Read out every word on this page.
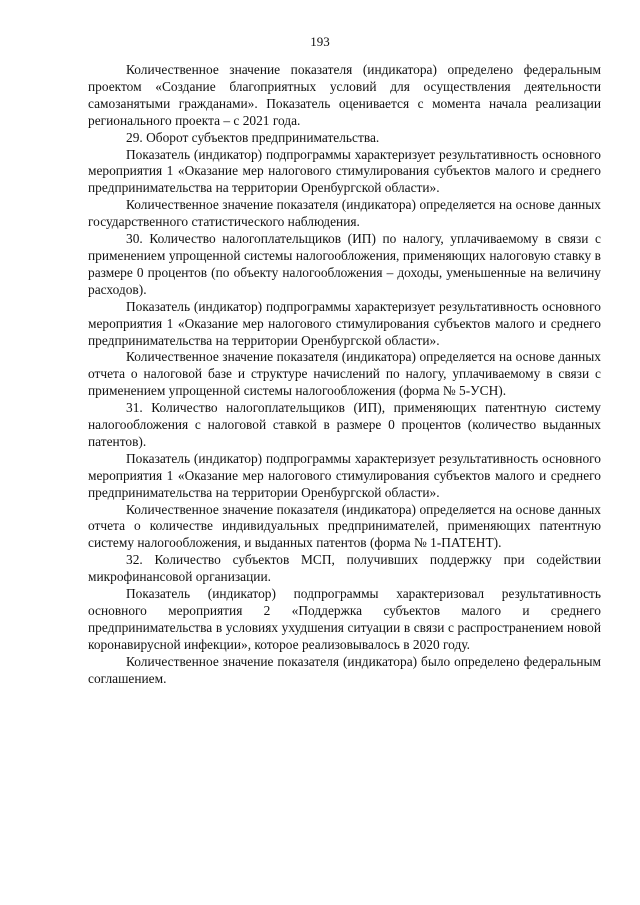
193

Количественное значение показателя (индикатора) определено федеральным проектом «Создание благоприятных условий для осуществления деятельности самозанятыми гражданами». Показатель оценивается с момента начала реализации регионального проекта – с 2021 года.

29. Оборот субъектов предпринимательства.

Показатель (индикатор) подпрограммы характеризует результативность основного мероприятия 1 «Оказание мер налогового стимулирования субъектов малого и среднего предпринимательства на территории Оренбургской области».

Количественное значение показателя (индикатора) определяется на основе данных государственного статистического наблюдения.

30. Количество налогоплательщиков (ИП) по налогу, уплачиваемому в связи с применением упрощенной системы налогообложения, применяющих налоговую ставку в размере 0 процентов (по объекту налогообложения – доходы, уменьшенные на величину расходов).

Показатель (индикатор) подпрограммы характеризует результативность основного мероприятия 1 «Оказание мер налогового стимулирования субъектов малого и среднего предпринимательства на территории Оренбургской области».

Количественное значение показателя (индикатора) определяется на основе данных отчета о налоговой базе и структуре начислений по налогу, уплачиваемому в связи с применением упрощенной системы налогообложения (форма № 5-УСН).

31. Количество налогоплательщиков (ИП), применяющих патентную систему налогообложения с налоговой ставкой в размере 0 процентов (количество выданных патентов).

Показатель (индикатор) подпрограммы характеризует результативность основного мероприятия 1 «Оказание мер налогового стимулирования субъектов малого и среднего предпринимательства на территории Оренбургской области».

Количественное значение показателя (индикатора) определяется на основе данных отчета о количестве индивидуальных предпринимателей, применяющих патентную систему налогообложения, и выданных патентов (форма № 1-ПАТЕНТ).

32. Количество субъектов МСП, получивших поддержку при содействии микрофинансовой организации.

Показатель (индикатор) подпрограммы характеризовал результативность основного мероприятия 2 «Поддержка субъектов малого и среднего предпринимательства в условиях ухудшения ситуации в связи с распространением новой коронавирусной инфекции», которое реализовывалось в 2020 году.

Количественное значение показателя (индикатора) было определено федеральным соглашением.
